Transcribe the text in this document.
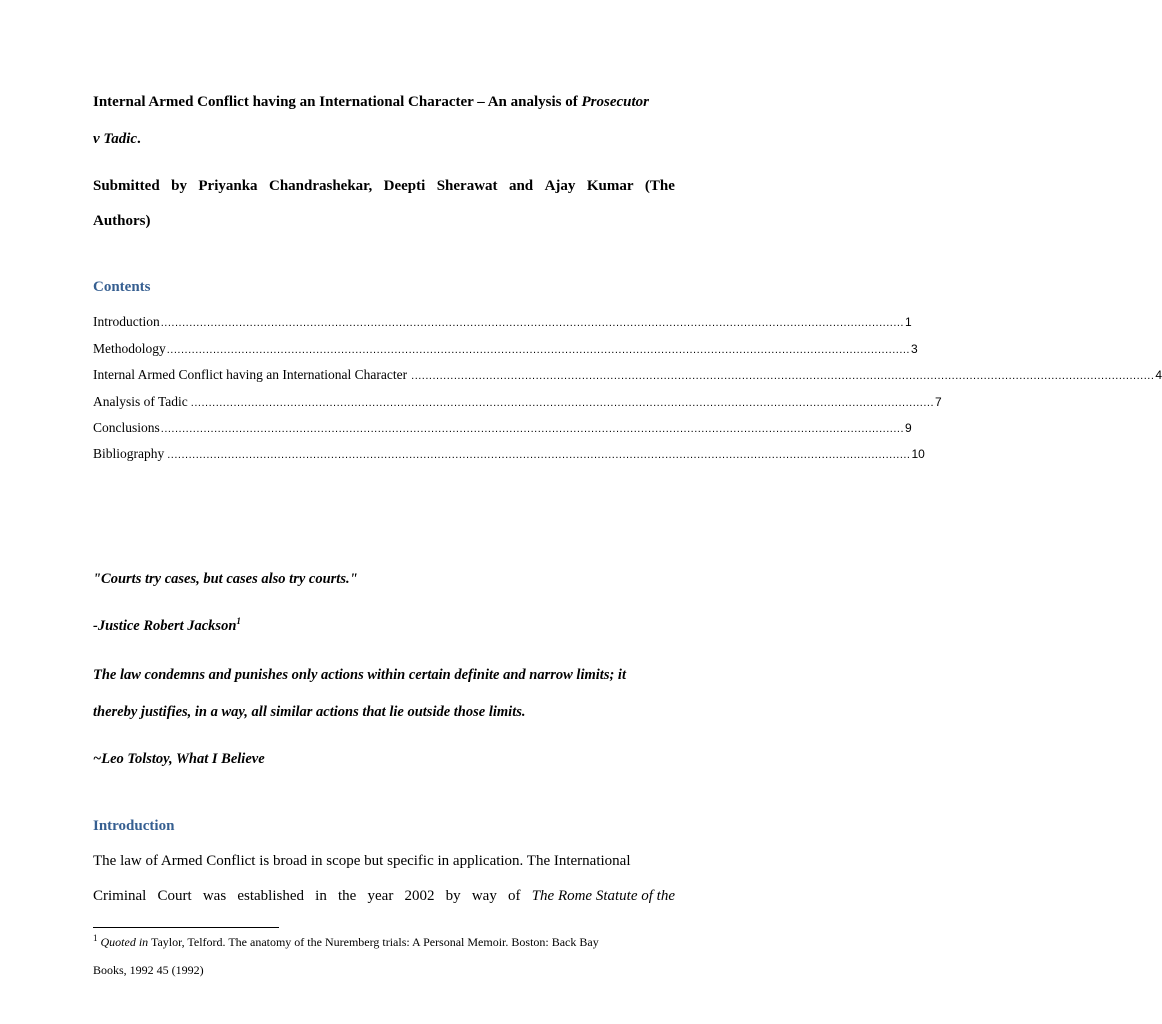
Internal Armed Conflict having an International Character – An analysis of Prosecutor
v Tadic.
Submitted by Priyanka Chandrashekar, Deepti Sherawat and Ajay Kumar (The
Authors)
Contents
Introduction ................................................................................................................................................................................................................. 1
Methodology ................................................................................................................................................................................................................. 3
Internal Armed Conflict having an International Character ................................................................................................................................................................................................................. 4
Analysis of Tadic ................................................................................................................................................................................................................. 7
Conclusions ................................................................................................................................................................................................................. 9
Bibliography ................................................................................................................................................................................................................. 10
"Courts try cases, but cases also try courts."
-Justice Robert Jackson$^1$
The law condemns and punishes only actions within certain definite and narrow limits; it
thereby justifies, in a way, all similar actions that lie outside those limits.
~Leo Tolstoy, What I Believe
Introduction
The law of Armed Conflict is broad in scope but specific in application. The International
Criminal Court was established in the year 2002 by way of The Rome Statute of the
$^1$ Quoted in Taylor, Telford. The anatomy of the Nuremberg trials: A Personal Memoir. Boston: Back Bay
Books, 1992 45 (1992)
